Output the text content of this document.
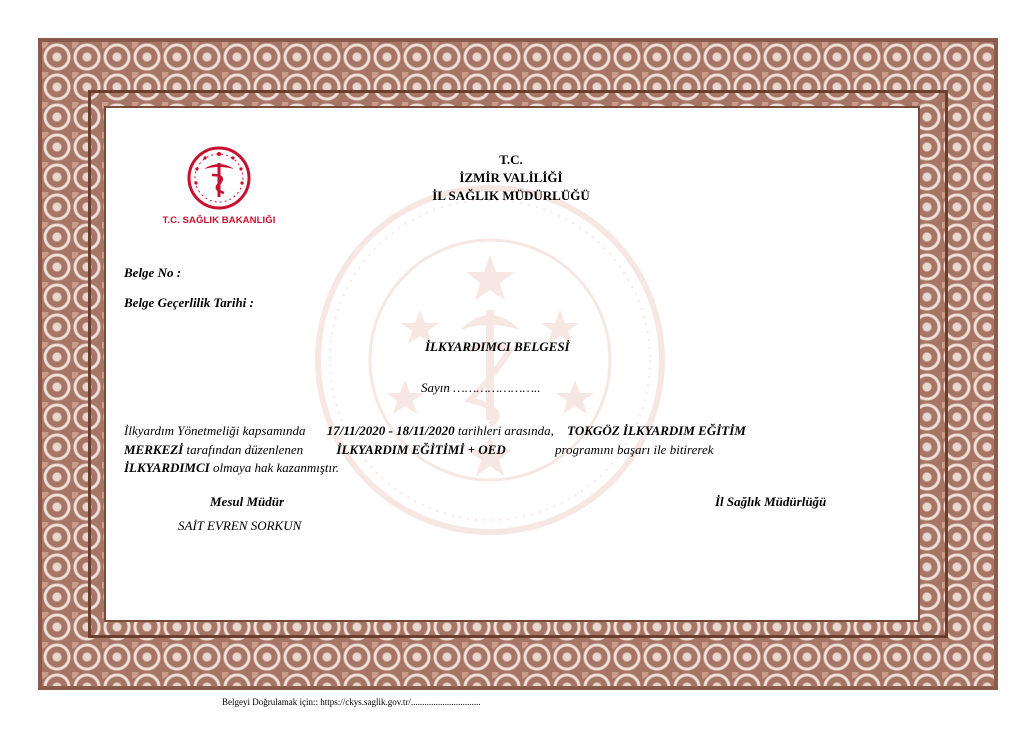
T.C. SAĞLIK BAKANLIĞI
T.C.
İZMİR VALİLİĞİ
İL SAĞLIK MÜDÜRLÜĞÜ
Belge No :
Belge Geçerlilik Tarihi :
İLKYARDIMCI BELGESİ
Sayın …………………..
İlkyardım Yönetmeliği kapsamında 17/11/2020 - 18/11/2020 tarihleri arasında, TOKGÖZ İLKYARDIM EĞİTİM
MERKEZİ tarafından düzenlenen	İLKYARDIM EĞİTİMİ + OED	programını başarı ile bitirerek
İLKYARDIMCI olmaya hak kazanmıştır.
Mesul Müdür
SAİT EVREN SORKUN
İl Sağlık Müdürlüğü
Belgeyi Doğrulamak için:: https://ckys.saglik.gov.tr/...............................
